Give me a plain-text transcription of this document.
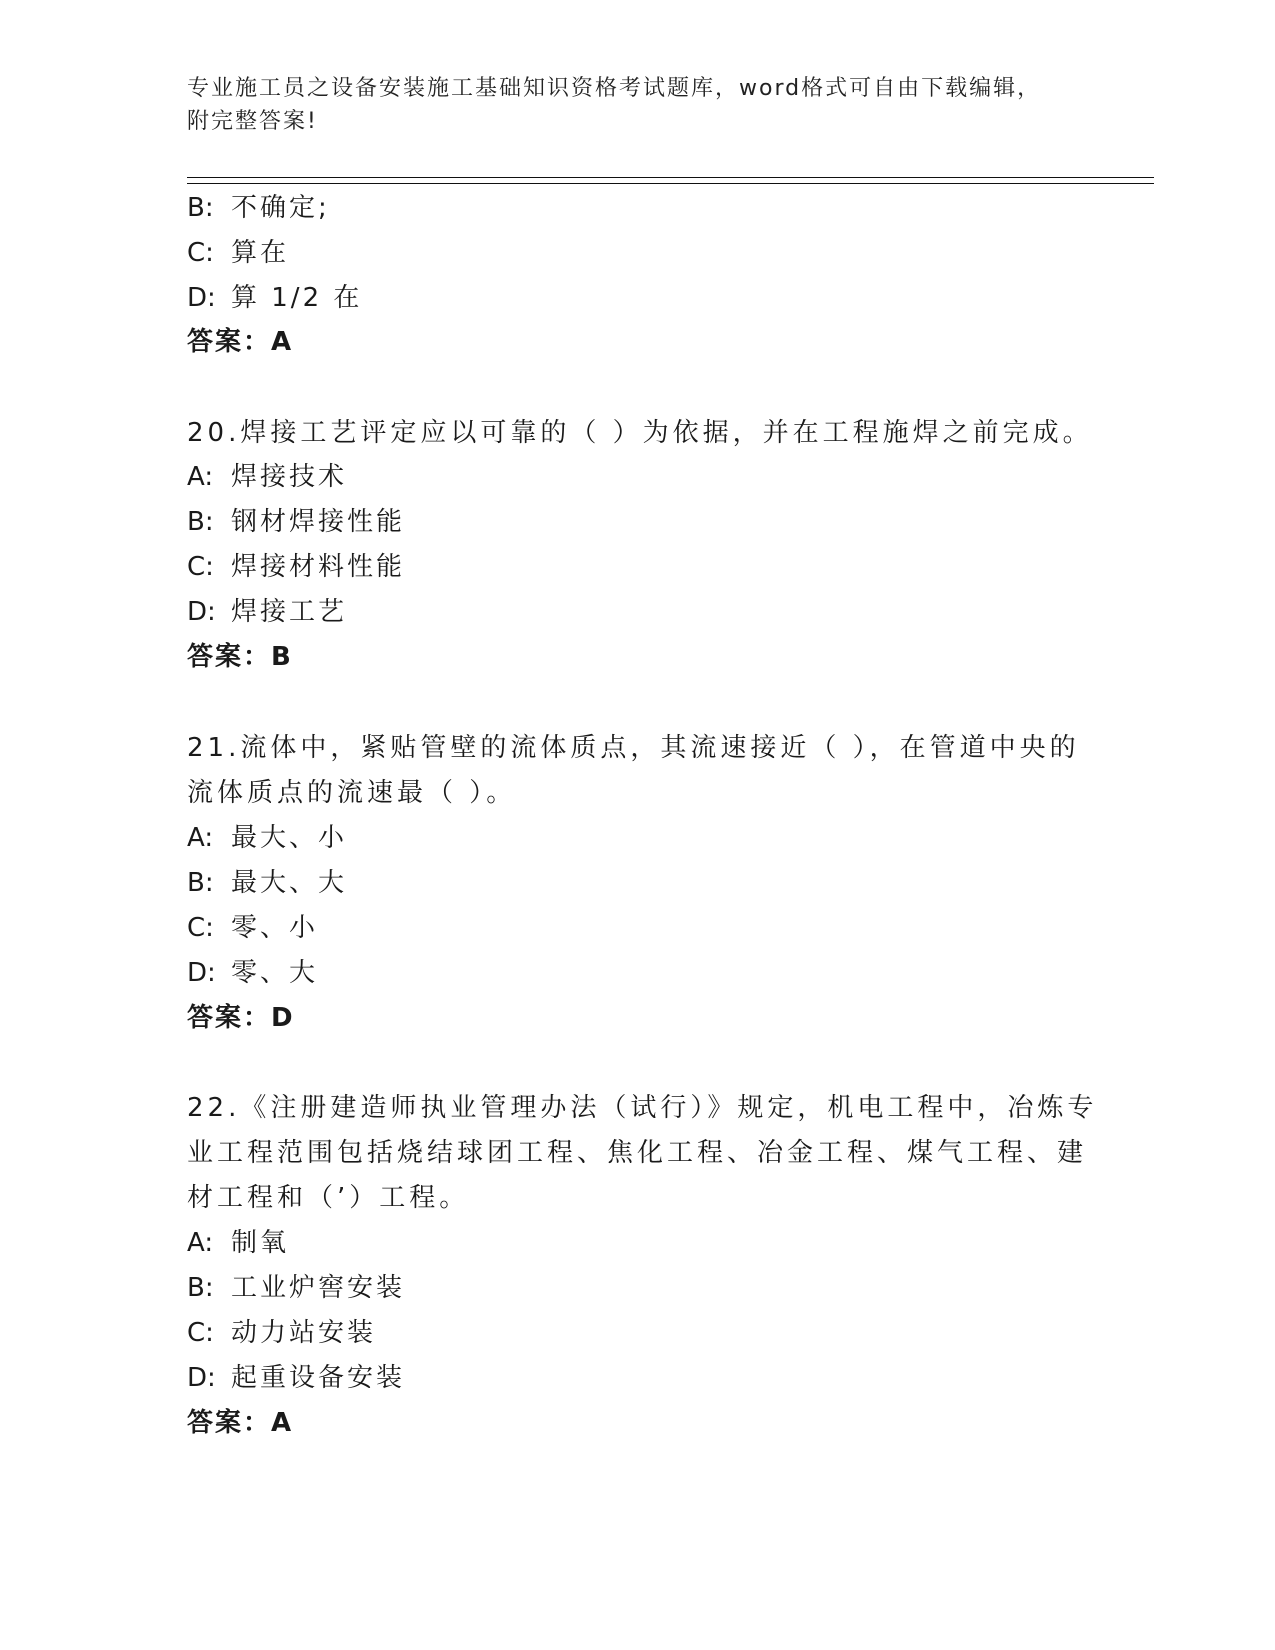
专业施工员之设备安装施工基础知识资格考试题库，word格式可自由下载编辑，
附完整答案!
B: 不确定;
C: 算在
D: 算 1/2 在
答案：A
20.焊接工艺评定应以可靠的（ ）为依据，并在工程施焊之前完成。
A: 焊接技术
B: 钢材焊接性能
C: 焊接材料性能
D: 焊接工艺
答案：B
21.流体中，紧贴管壁的流体质点，其流速接近（ ），在管道中央的
流体质点的流速最（ ）。
A: 最大、小
B: 最大、大
C: 零、小
D: 零、大
答案：D
22.《注册建造师执业管理办法（试行）》规定，机电工程中，冶炼专
业工程范围包括烧结球团工程、焦化工程、冶金工程、煤气工程、建
材工程和（’）工程。
A: 制氧
B: 工业炉窖安装
C: 动力站安装
D: 起重设备安装
答案：A
